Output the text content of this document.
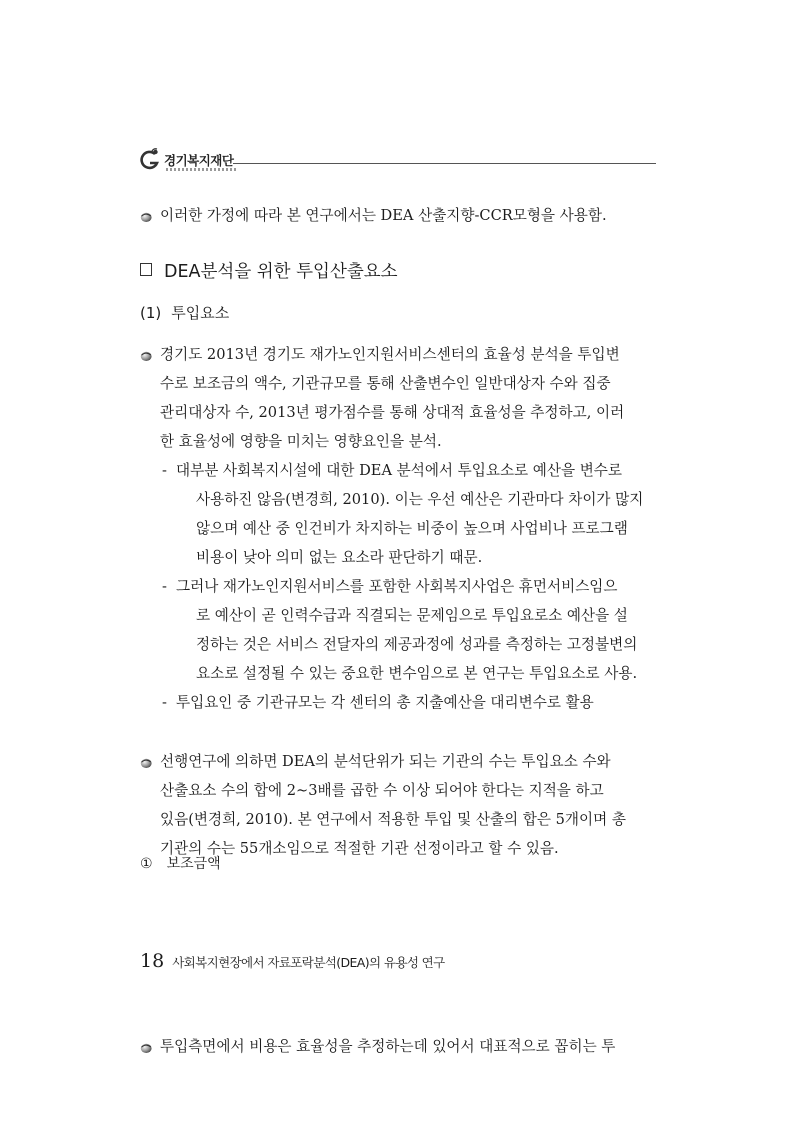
경기복지재단
이러한 가정에 따라 본 연구에서는 DEA 산출지향-CCR모형을 사용함.
DEA분석을 위한 투입산출요소
(1) 투입요소
경기도 2013년 경기도 재가노인지원서비스센터의 효율성 분석을 투입변
수로 보조금의 액수, 기관규모를 통해 산출변수인 일반대상자 수와 집중
관리대상자 수, 2013년 평가점수를 통해 상대적 효율성을 추정하고, 이러
한 효율성에 영향을 미치는 영향요인을 분석.
- 대부분 사회복지시설에 대한 DEA 분석에서 투입요소로 예산을 변수로
사용하진 않음(변경희, 2010). 이는 우선 예산은 기관마다 차이가 많지
않으며 예산 중 인건비가 차지하는 비중이 높으며 사업비나 프로그램
비용이 낮아 의미 없는 요소라 판단하기 때문.
- 그러나 재가노인지원서비스를 포함한 사회복지사업은 휴먼서비스임으
로 예산이 곧 인력수급과 직결되는 문제임으로 투입요로소 예산을 설
정하는 것은 서비스 전달자의 제공과정에 성과를 측정하는 고정불변의
요소로 설정될 수 있는 중요한 변수임으로 본 연구는 투입요소로 사용.
- 투입요인 중 기관규모는 각 센터의 총 지출예산을 대리변수로 활용
선행연구에 의하면 DEA의 분석단위가 되는 기관의 수는 투입요소 수와
산출요소 수의 합에 2∼3배를 곱한 수 이상 되어야 한다는 지적을 하고
있음(변경희, 2010). 본 연구에서 적용한 투입 및 산출의 합은 5개이며 총
기관의 수는 55개소임으로 적절한 기관 선정이라고 할 수 있음.
① 보조금액
투입측면에서 비용은 효율성을 추정하는데 있어서 대표적으로 꼽히는 투
18 사회복지현장에서 자료포락분석(DEA)의 유용성 연구
